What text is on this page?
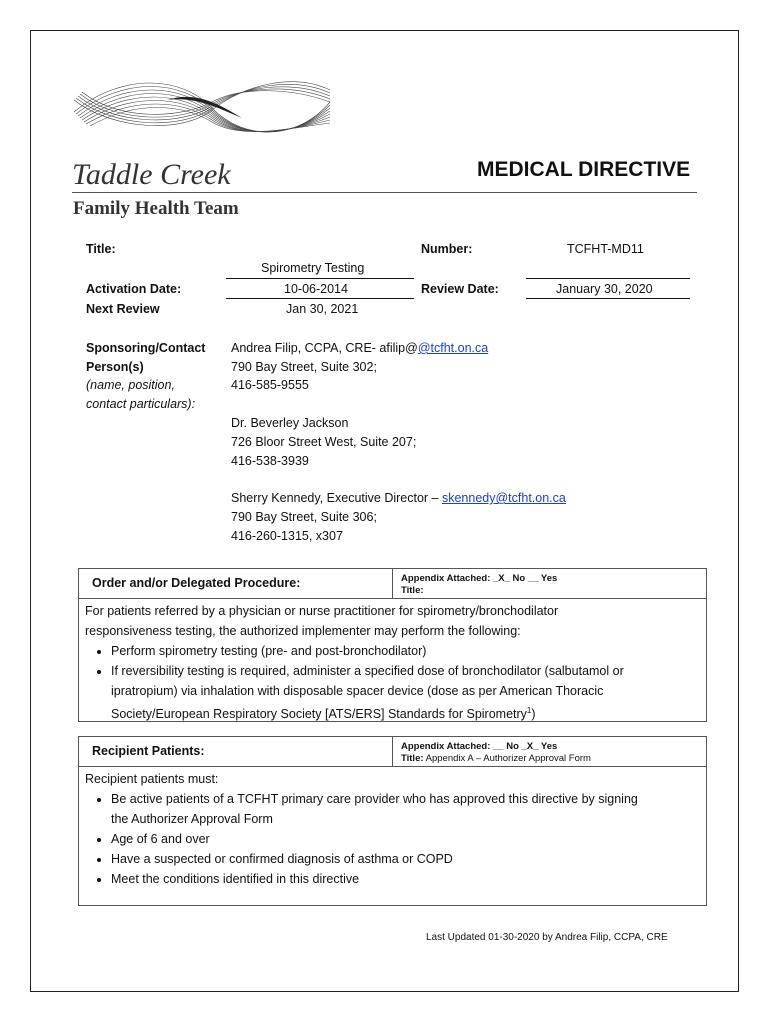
Taddle Creek
Family Health Team
MEDICAL DIRECTIVE
Title:
Spirometry Testing
Number:	TCFHT-MD11
Activation Date:	10-06-2014	Review Date:	January 30, 2020
Next Review	Jan 30, 2021
Sponsoring/Contact
Person(s)
(name, position,
contact particulars):
Andrea Filip, CCPA, CRE- afilip@@tcfht.on.ca
790 Bay Street, Suite 302;
416-585-9555
Dr. Beverley Jackson
726 Bloor Street West, Suite 207;
416-538-3939
Sherry Kennedy, Executive Director – skennedy@tcfht.on.ca
790 Bay Street, Suite 306;
416-260-1315, x307
Order and/or Delegated Procedure:	Appendix Attached: _X_ No __ Yes
Title:
For patients referred by a physician or nurse practitioner for spirometry/bronchodilator
responsiveness testing, the authorized implementer may perform the following:
• Perform spirometry testing (pre- and post-bronchodilator)
• If reversibility testing is required, administer a specified dose of bronchodilator (salbutamol or
ipratropium) via inhalation with disposable spacer device (dose as per American Thoracic
Society/European Respiratory Society [ATS/ERS] Standards for Spirometry$^1$)
Recipient Patients:	Appendix Attached: __ No _X_ Yes
Title: Appendix A – Authorizer Approval Form
Recipient patients must:
• Be active patients of a TCFHT primary care provider who has approved this directive by signing
the Authorizer Approval Form
• Age of 6 and over
• Have a suspected or confirmed diagnosis of asthma or COPD
• Meet the conditions identified in this directive
Last Updated 01-30-2020 by Andrea Filip, CCPA, CRE
